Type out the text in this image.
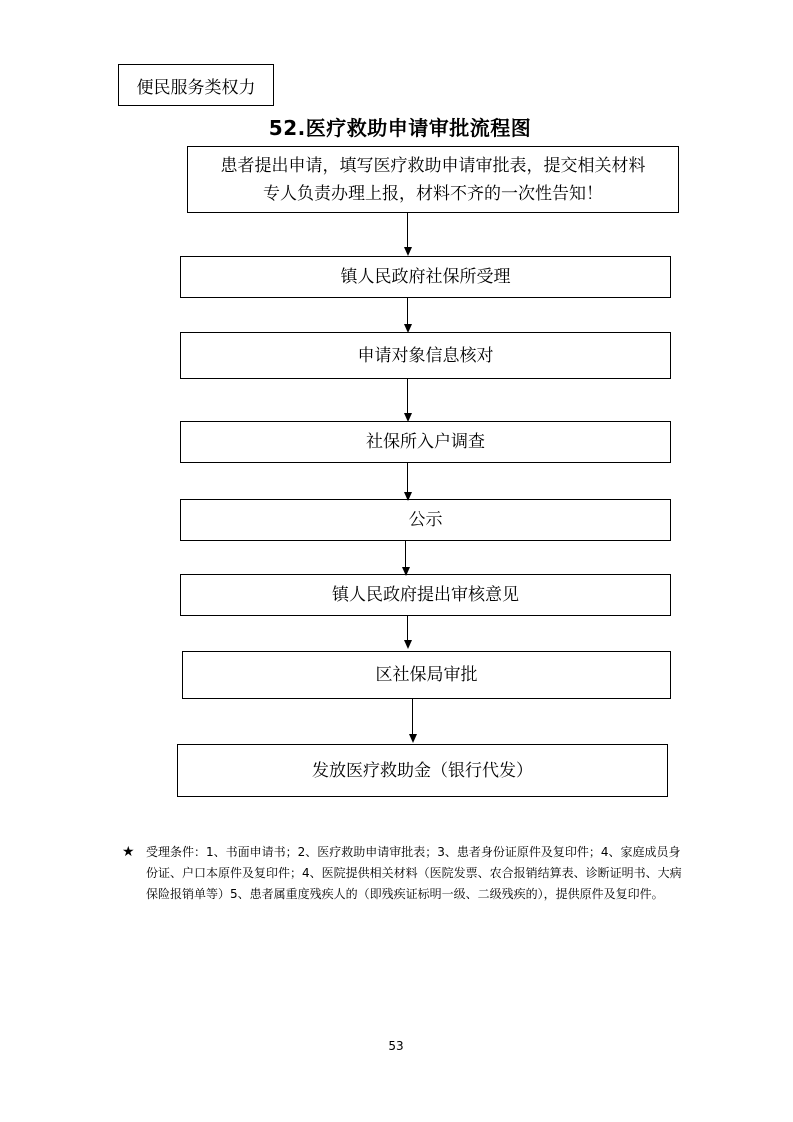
便民服务类权力
52.医疗救助申请审批流程图
患者提出申请，填写医疗救助申请审批表，提交相关材料
专人负责办理上报，材料不齐的一次性告知！
镇人民政府社保所受理
申请对象信息核对
社保所入户调查
公示
镇人民政府提出审核意见
区社保局审批
发放医疗救助金（银行代发）
★ 受理条件：1、书面申请书；2、医疗救助申请审批表；3、患者身份证原件及复印件；4、家庭成员身份证、户口本原件及复印件；4、医院提供相关材料（医院发票、农合报销结算表、诊断证明书、大病保险报销单等）5、患者属重度残疾人的（即残疾证标明一级、二级残疾的），提供原件及复印件。
53
